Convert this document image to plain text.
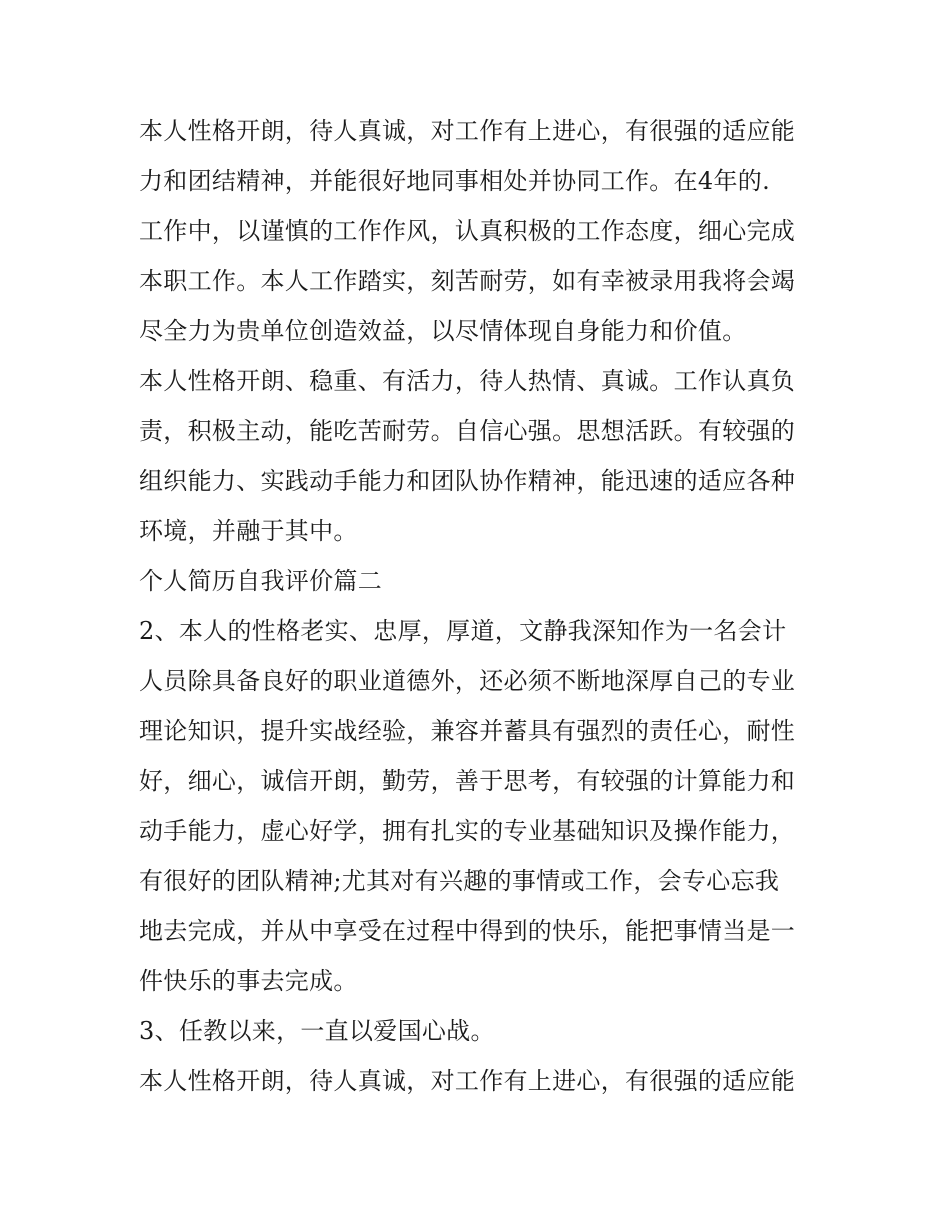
本人性格开朗，待人真诚，对工作有上进心，有很强的适应能

力和团结精神，并能很好地同事相处并协同工作。在4年的.

工作中，以谨慎的工作作风，认真积极的工作态度，细心完成

本职工作。本人工作踏实，刻苦耐劳，如有幸被录用我将会竭

尽全力为贵单位创造效益，以尽情体现自身能力和价值。

本人性格开朗、稳重、有活力，待人热情、真诚。工作认真负

责，积极主动，能吃苦耐劳。自信心强。思想活跃。有较强的

组织能力、实践动手能力和团队协作精神，能迅速的适应各种

环境，并融于其中。

个人简历自我评价篇二

2、本人的性格老实、忠厚，厚道，文静我深知作为一名会计

人员除具备良好的职业道德外，还必须不断地深厚自己的专业

理论知识，提升实战经验，兼容并蓄具有强烈的责任心，耐性

好，细心，诚信开朗，勤劳，善于思考，有较强的计算能力和

动手能力，虚心好学，拥有扎实的专业基础知识及操作能力，

有很好的团队精神;尤其对有兴趣的事情或工作，会专心忘我

地去完成，并从中享受在过程中得到的快乐，能把事情当是一

件快乐的事去完成。

3、任教以来，一直以爱国心战。

本人性格开朗，待人真诚，对工作有上进心，有很强的适应能
